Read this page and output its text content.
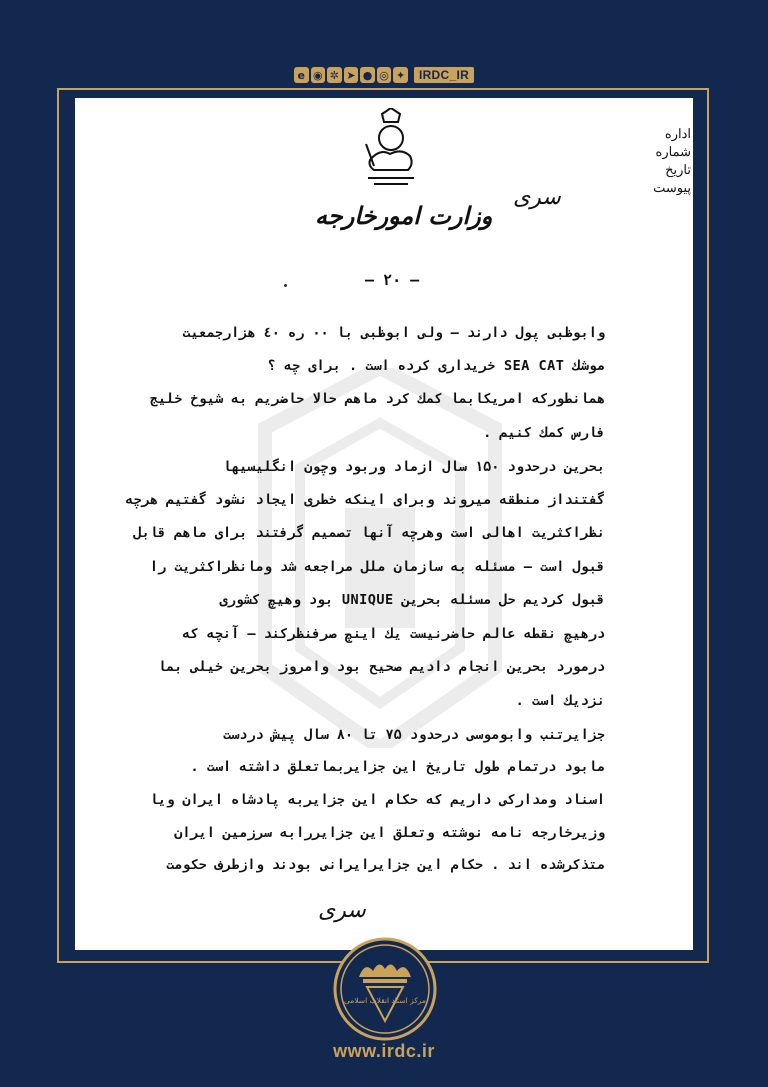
e ◉ ✲ ➤ ● ◎ ✦	IRDC_IR
اداره
شماره
تاریخ
پیوست
سری
وزارت امورخارجه
— ۲۰ —
وابوظبی پول دارند — ولی ابوظبی با ۰۰ ره ٤٠ هزارجمعیت
موشك SEA CAT خریداری کرده است . برای چه ؟
همانطورکه امریکابما کمك کرد ماهم حالا حاضریم به شیوخ خلیج
فارس کمك کنیم .
بحرین درحدود ۱۵۰ سال ازماد وربود وچون انگلیسیها
گفتنداز منطقه میروند وبرای اینکه خطری ایجاد نشود گفتیم هرچه
نظراکثریت اهالی است وهرچه آنها تصمیم گرفتند برای ماهم قابل
قبول است — مسئله به سازمان ملل مراجعه شد ومانظراکثریت را
قبول کردیم حل مسئله بحرین UNIQUE بود وهیچ کشوری
درهیچ نقطه عالم حاضرنیست یك اینچ صرفنظرکند — آنچه که
درمورد بحرین انجام دادیم صحیح بود وامروز بحرین خیلی بما
نزدیك است .
جزایرتنب وابوموسی درحدود ۷۵ تا ۸۰ سال پیش دردست
مابود درتمام طول تاریخ این جزایربماتعلق داشته است .
اسناد ومدارکی داریم که حکام این جزایربه پادشاه ایران ویا
وزیرخارجه نامه نوشته وتعلق این جزایررابه سرزمین ایران
متذکرشده اند . حکام این جزایرایرانی بودند وازطرف حکومت
سری
مرکز اسناد انقلاب اسلامی
www.irdc.ir
